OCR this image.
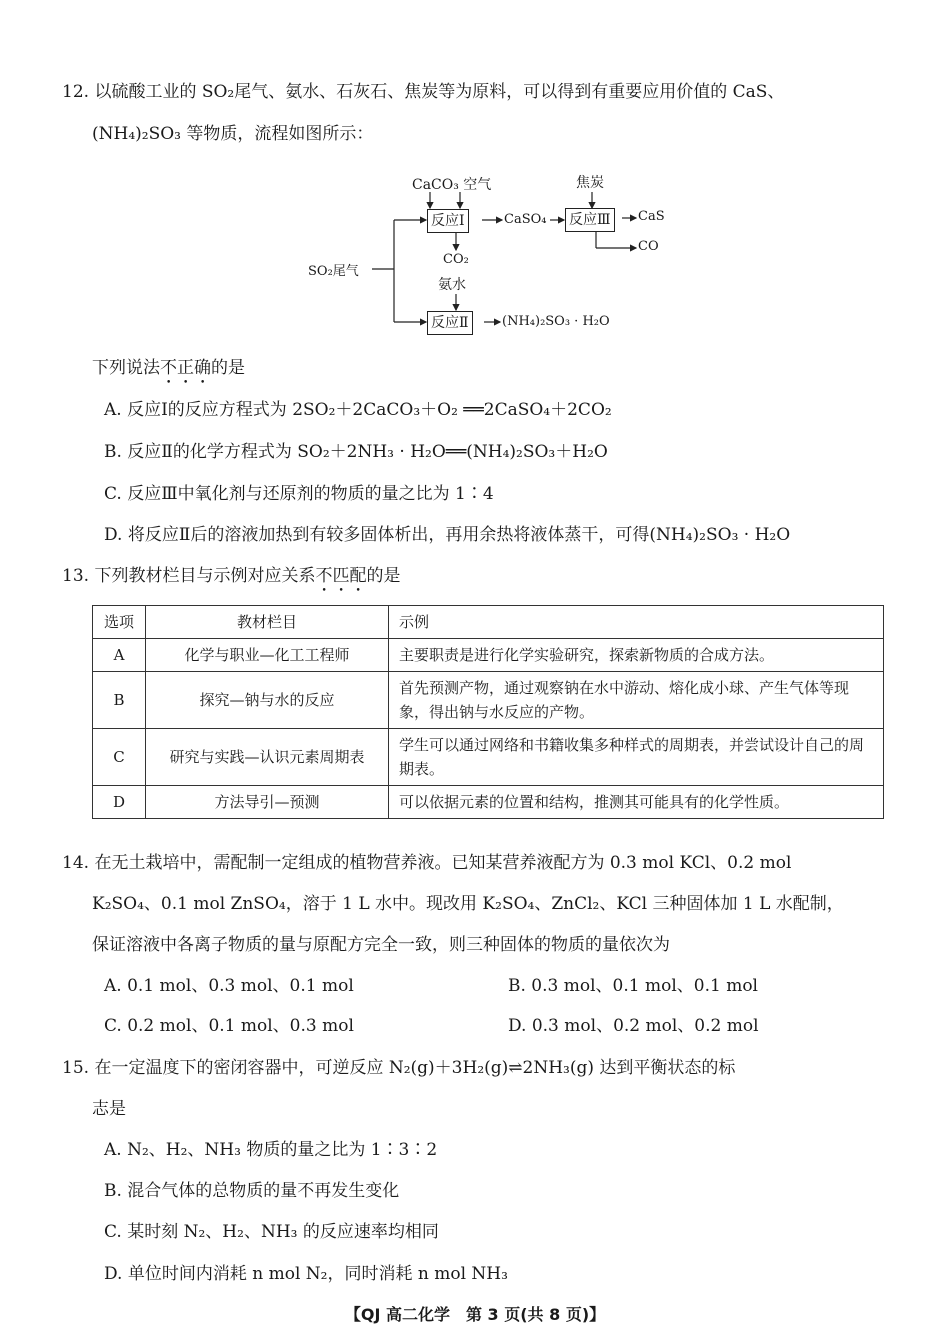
12. 以硫酸工业的 SO₂尾气、氨水、石灰石、焦炭等为原料，可以得到有重要应用价值的 CaS、
(NH₄)₂SO₃ 等物质，流程如图所示：
CaCO₃ 空气	焦炭
反应Ⅰ	CaSO₄ 反应Ⅲ	CaS
CO
CO₂
氨水
SO₂尾气
反应Ⅱ	(NH₄)₂SO₃ · H₂O
下列说法不正确的是
A. 反应Ⅰ的反应方程式为 2SO₂＋2CaCO₃＋O₂ ══2CaSO₄＋2CO₂
B. 反应Ⅱ的化学方程式为 SO₂＋2NH₃ · H₂O══(NH₄)₂SO₃＋H₂O
C. 反应Ⅲ中氧化剂与还原剂的物质的量之比为 1∶4
D. 将反应Ⅱ后的溶液加热到有较多固体析出，再用余热将液体蒸干，可得(NH₄)₂SO₃ · H₂O
13. 下列教材栏目与示例对应关系不匹配的是
选项	教材栏目	示例
A	化学与职业—化工工程师	主要职责是进行化学实验研究，探索新物质的合成方法。
B	探究—钠与水的反应	首先预测产物，通过观察钠在水中游动、熔化成小球、产生气体等现象，得出钠与水反应的产物。
C	研究与实践—认识元素周期表	学生可以通过网络和书籍收集多种样式的周期表，并尝试设计自己的周期表。
D	方法导引—预测	可以依据元素的位置和结构，推测其可能具有的化学性质。
14. 在无土栽培中，需配制一定组成的植物营养液。已知某营养液配方为 0.3 mol KCl、0.2 mol
K₂SO₄、0.1 mol ZnSO₄，溶于 1 L 水中。现改用 K₂SO₄、ZnCl₂、KCl 三种固体加 1 L 水配制，
保证溶液中各离子物质的量与原配方完全一致，则三种固体的物质的量依次为
A. 0.1 mol、0.3 mol、0.1 mol	B. 0.3 mol、0.1 mol、0.1 mol
C. 0.2 mol、0.1 mol、0.3 mol	D. 0.3 mol、0.2 mol、0.2 mol
15. 在一定温度下的密闭容器中，可逆反应 N₂(g)＋3H₂(g)⇌2NH₃(g) 达到平衡状态的标
志是
A. N₂、H₂、NH₃ 物质的量之比为 1∶3∶2
B. 混合气体的总物质的量不再发生变化
C. 某时刻 N₂、H₂、NH₃ 的反应速率均相同
D. 单位时间内消耗 n mol N₂，同时消耗 n mol NH₃
【QJ 高二化学　第 3 页(共 8 页)】
